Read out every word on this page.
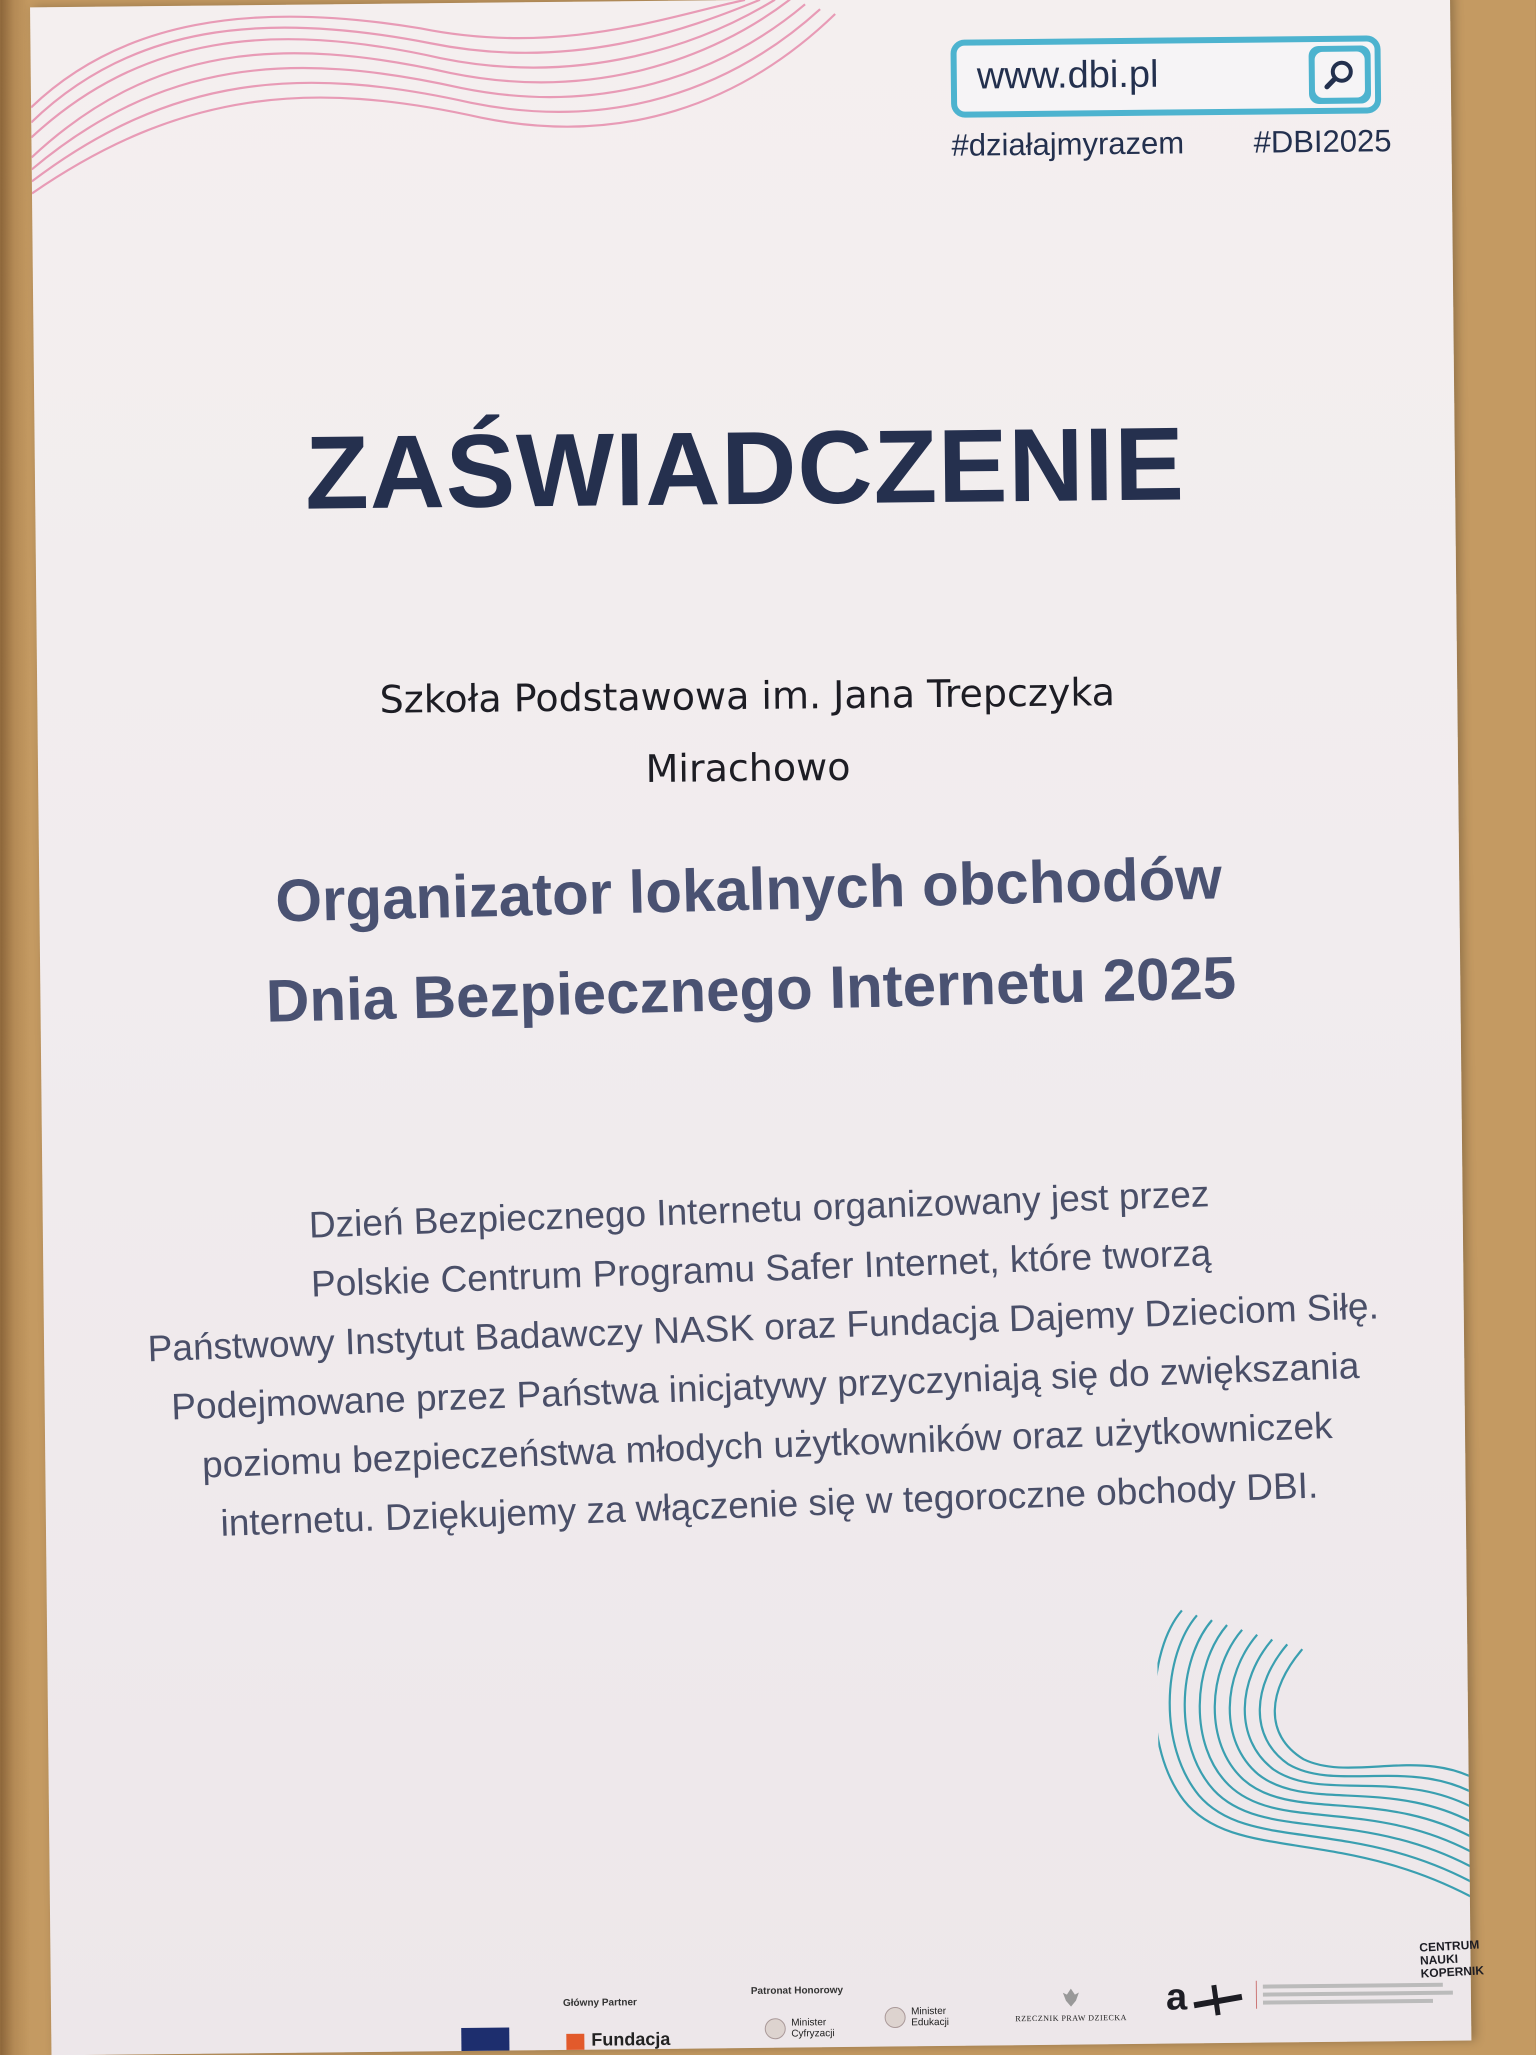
www.dbi.pl
#działajmyrazem #DBI2025
ZAŚWIADCZENIE
Szkoła Podstawowa im. Jana Trepczyka
Mirachowo
Organizator lokalnych obchodów
Dnia Bezpiecznego Internetu 2025
Dzień Bezpiecznego Internetu organizowany jest przez
Polskie Centrum Programu Safer Internet, które tworzą
Państwowy Instytut Badawczy NASK oraz Fundacja Dajemy Dzieciom Siłę.
Podejmowane przez Państwa inicjatywy przyczyniają się do zwiększania
poziomu bezpieczeństwa młodych użytkowników oraz użytkowniczek
internetu. Dziękujemy za włączenie się w tegoroczne obchody DBI.
Główny Partner
Fundacja
Patronat Honorowy
Minister Cyfryzacji
Minister Edukacji	RZECZNIK PRAW DZIECKA a
CENTRUM
NAUKI
KOPERNIK
